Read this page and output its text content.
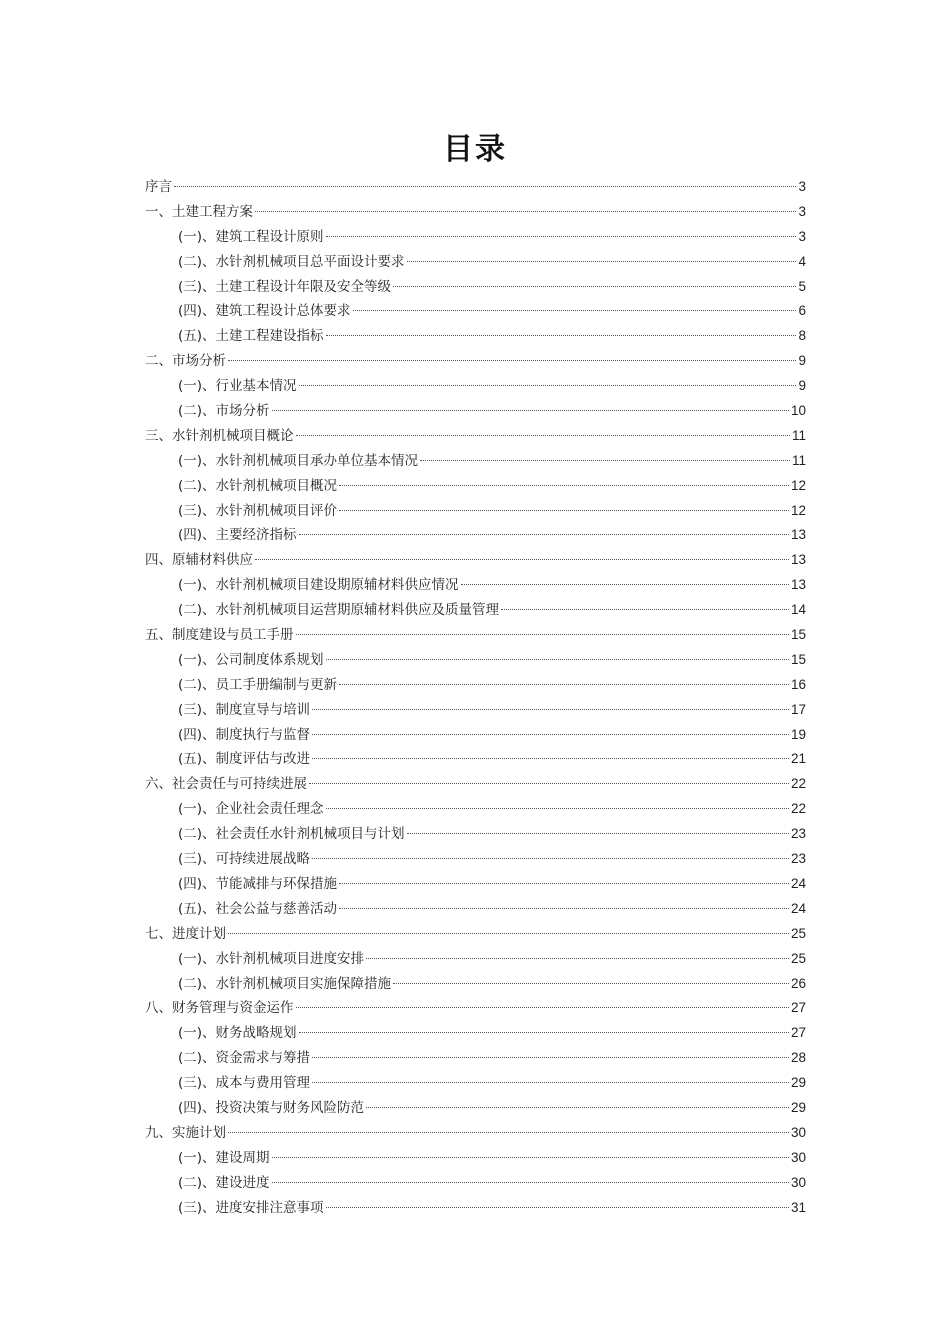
目录
序言	3
一、土建工程方案	3
(一)、建筑工程设计原则	3
(二)、水针剂机械项目总平面设计要求	4
(三)、土建工程设计年限及安全等级	5
(四)、建筑工程设计总体要求	6
(五)、土建工程建设指标	8
二、市场分析	9
(一)、行业基本情况	9
(二)、市场分析	10
三、水针剂机械项目概论	11
(一)、水针剂机械项目承办单位基本情况	11
(二)、水针剂机械项目概况	12
(三)、水针剂机械项目评价	12
(四)、主要经济指标	13
四、原辅材料供应	13
(一)、水针剂机械项目建设期原辅材料供应情况	13
(二)、水针剂机械项目运营期原辅材料供应及质量管理	14
五、制度建设与员工手册	15
(一)、公司制度体系规划	15
(二)、员工手册编制与更新	16
(三)、制度宣导与培训	17
(四)、制度执行与监督	19
(五)、制度评估与改进	21
六、社会责任与可持续进展	22
(一)、企业社会责任理念	22
(二)、社会责任水针剂机械项目与计划	23
(三)、可持续进展战略	23
(四)、节能减排与环保措施	24
(五)、社会公益与慈善活动	24
七、进度计划	25
(一)、水针剂机械项目进度安排	25
(二)、水针剂机械项目实施保障措施	26
八、财务管理与资金运作	27
(一)、财务战略规划	27
(二)、资金需求与筹措	28
(三)、成本与费用管理	29
(四)、投资决策与财务风险防范	29
九、实施计划	30
(一)、建设周期	30
(二)、建设进度	30
(三)、进度安排注意事项	31
